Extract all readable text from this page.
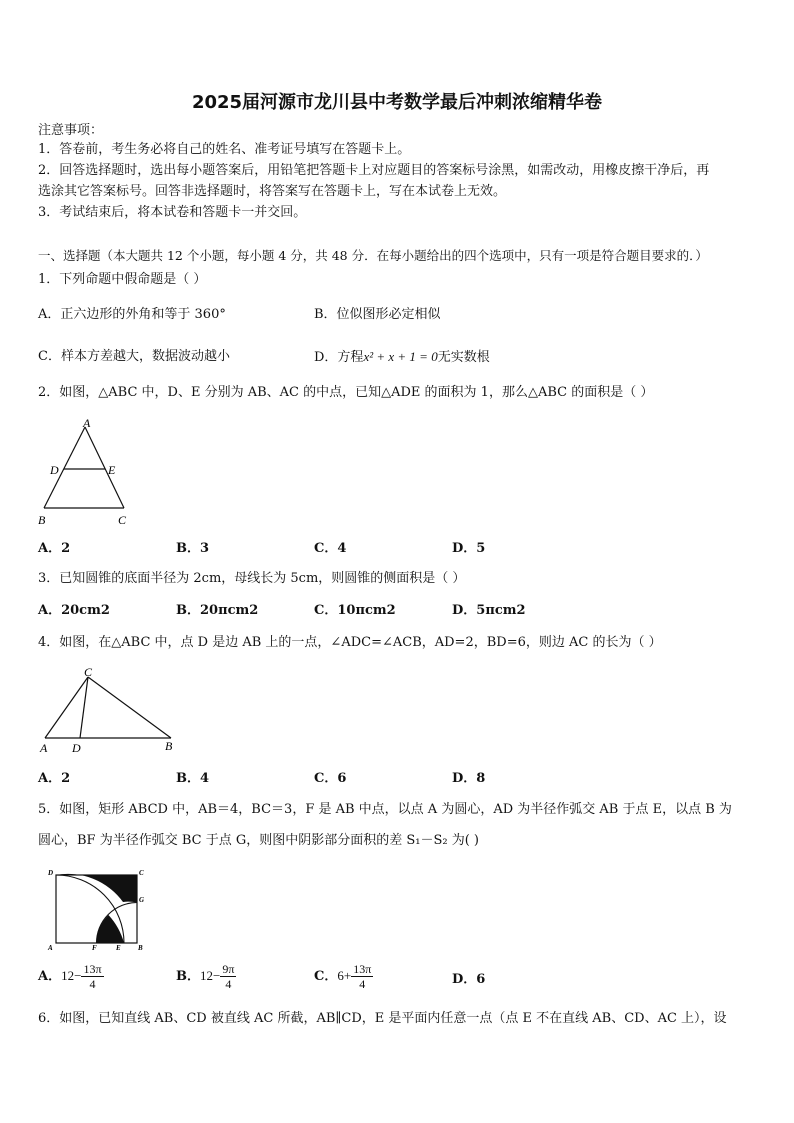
2025届河源市龙川县中考数学最后冲刺浓缩精华卷
注意事项：
1．答卷前，考生务必将自己的姓名、准考证号填写在答题卡上。
2．回答选择题时，选出每小题答案后，用铅笔把答题卡上对应题目的答案标号涂黑，如需改动，用橡皮擦干净后，再
选涂其它答案标号。回答非选择题时，将答案写在答题卡上，写在本试卷上无效。
3．考试结束后，将本试卷和答题卡一并交回。
一、选择题（本大题共 12 个小题，每小题 4 分，共 48 分．在每小题给出的四个选项中，只有一项是符合题目要求的．）
1．下列命题中假命题是（ ）
A．正六边形的外角和等于 360°	B．位似图形必定相似
C．样本方差越大，数据波动越小	D．方程x² + x + 1 = 0无实数根
2．如图，△ABC 中，D、E 分别为 AB、AC 的中点，已知△ADE 的面积为 1，那么△ABC 的面积是（ ）
A
D	E
B	C
A．2	B．3	C．4	D．5
3．已知圆锥的底面半径为 2cm，母线长为 5cm，则圆锥的侧面积是（ ）
A．20cm2	B．20πcm2	C．10πcm2	D．5πcm2
4．如图，在△ABC 中，点 D 是边 AB 上的一点，∠ADC=∠ACB，AD=2，BD=6，则边 AC 的长为（ ）
C
A D	B
A．2	B．4	C．6	D．8
5．如图，矩形 ABCD 中，AB＝4，BC＝3，F 是 AB 中点，以点 A 为圆心，AD 为半径作弧交 AB 于点 E，以点 B 为
圆心，BF 为半径作弧交 BC 于点 G，则图中阴影部分面积的差 S₁－S₂ 为( )
D	C
G
A	F	E B
A．$12- \frac{13\pi}{4}$	B．$12- \frac{9\pi}{4}$	C．$6+ \frac{13\pi}{4}$	D．6
6．如图，已知直线 AB、CD 被直线 AC 所截，AB∥CD，E 是平面内任意一点（点 E 不在直线 AB、CD、AC 上），设
